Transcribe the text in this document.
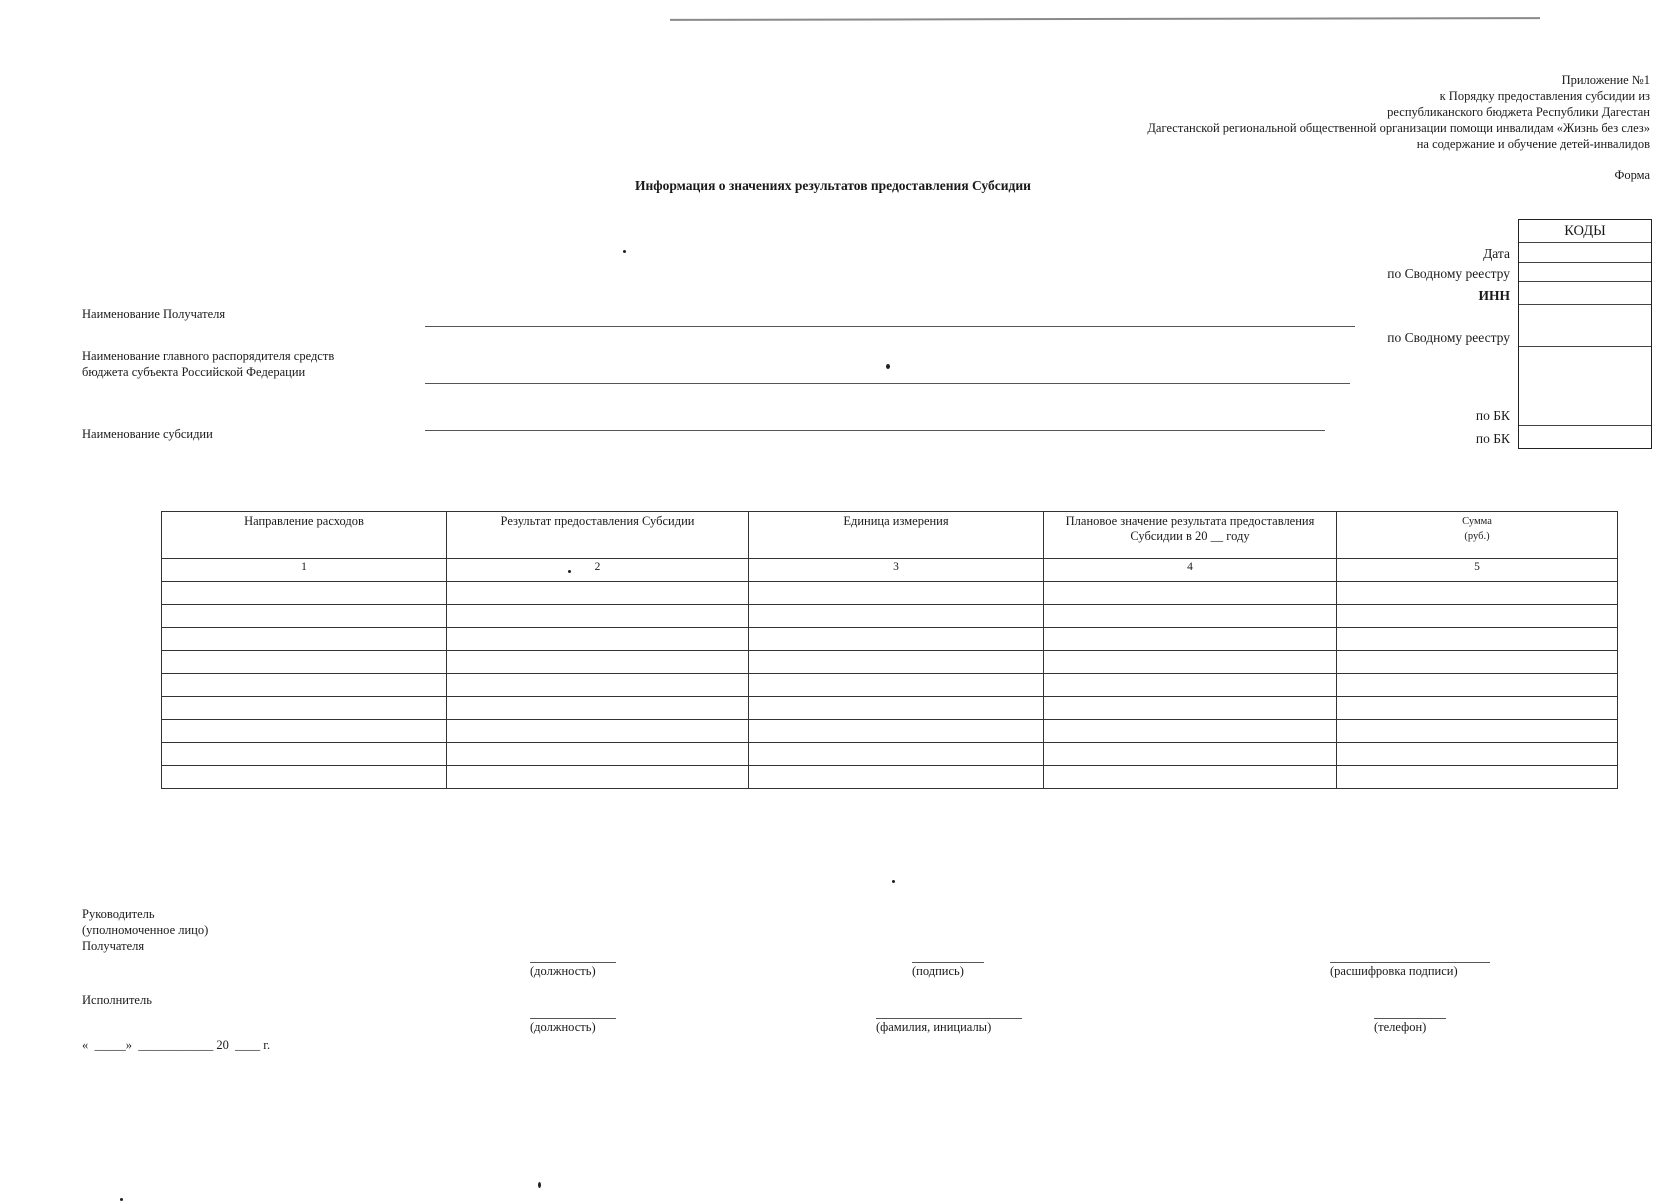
Приложение №1
к Порядку предоставления субсидии из
республиканского бюджета Республики Дагестан
Дагестанской региональной общественной организации помощи инвалидам «Жизнь без слез»
на содержание и обучение детей-инвалидов
Форма
Информация о значениях результатов предоставления Субсидии
КОДЫ
Дата
по Сводному реестру
ИНН
по Сводному реестру
по БК
по БК
Наименование Получателя
Наименование главного распорядителя средств
бюджета субъекта Российской Федерации
Наименование субсидии
Направление расходов	Результат предоставления Субсидии	Единица измерения	Плановое значение результата предоставления Субсидии в 20 __ году	Сумма
(руб.)

1	2	3	4	5

Руководитель
(уполномоченное лицо)
Получателя
(должность)	(подпись)	(расшифровка подписи)
Исполнитель
(должность)	(фамилия, инициалы)	(телефон)
«  _____»  ____________ 20  ____ г.
